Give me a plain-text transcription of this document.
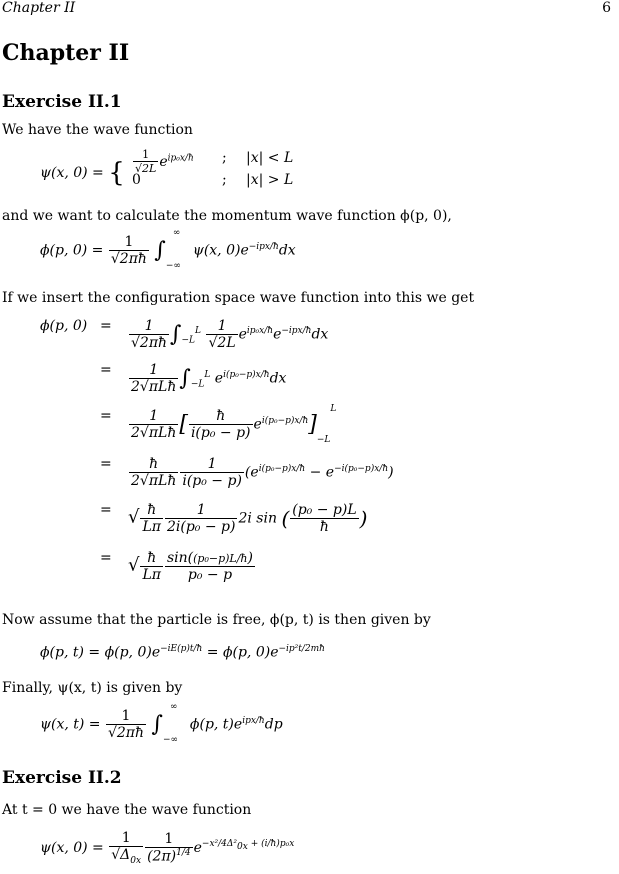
Chapter II	6
Chapter II
Exercise II.1
We have the wave function
ψ(x, 0) = { $\frac{1}{√2L} e^{ip_0x/ħ}$ ; |x| < L
0	; |x| > L
and we want to calculate the momentum wave function ϕ(p, 0),
ϕ(p, $0) = \frac{1}{√2\pi ħ} \int_{-\infty}^\infty$ ψ(x, $0)e^{-ipx/ħ}dx$
If we insert the configuration space wave function into this we get
ϕ(p, $0) = \frac{1}{√2\pi ħ} \int_{-L}^L \frac{1}{√2L} e^{ip_0x/ħ}e^{-ipx/ħ}dx$
= $\frac{1}{\text{2√πLħ}} \int_{-L}^L$ $e^{i(p_0-p)x/ħ}dx$
= $\frac{1}{\text{2√πLħ}}$ [ $\frac{ħ}{\text{i(p₀ − p)}} e^{i(p_0-p)x/ħ}]_{-L}^L$
= $\frac{ħ}{\text{2√πLħ}} \frac{1}{\text{i(p₀ − p)}} (e^{i(p_0-p)x/ħ} - e^{-i(p_0-p)x/ħ})$
= √ $\frac{ħ}{L\pi} \frac{1}{\text{2i(p₀ − p)}} 2i$ sin ( $\frac{\text{(p₀ − p)L}}{ħ}$ )
= √ $\frac{ħ}{L\pi} \frac{\text{sin((p₀−p)L/ħ)}}{\text{p₀ − p}}$
Now assume that the particle is free, ϕ(p, t) is then given by
ϕ(p, t) = ϕ(p, $0)e^{-iE(p)t/ħ} = \phi(p$, $0)e^{-ip^2t/2mħ}$
Finally, ψ(x, t) is given by
ψ(x, $t) = \frac{1}{√2\pi ħ} \int_{-\infty}^\infty$ ϕ(p, $t)e^{ipx/ħ}dp$
Exercise II.2
At t = 0 we have the wave function
ψ(x, $0) = \frac{1}{√\Delta_{0x}} \frac{1}{(2\pi)^{1/4}} e^{-x^2/4\Delta^2_{0x} + (i/ħ)p_0x}$
